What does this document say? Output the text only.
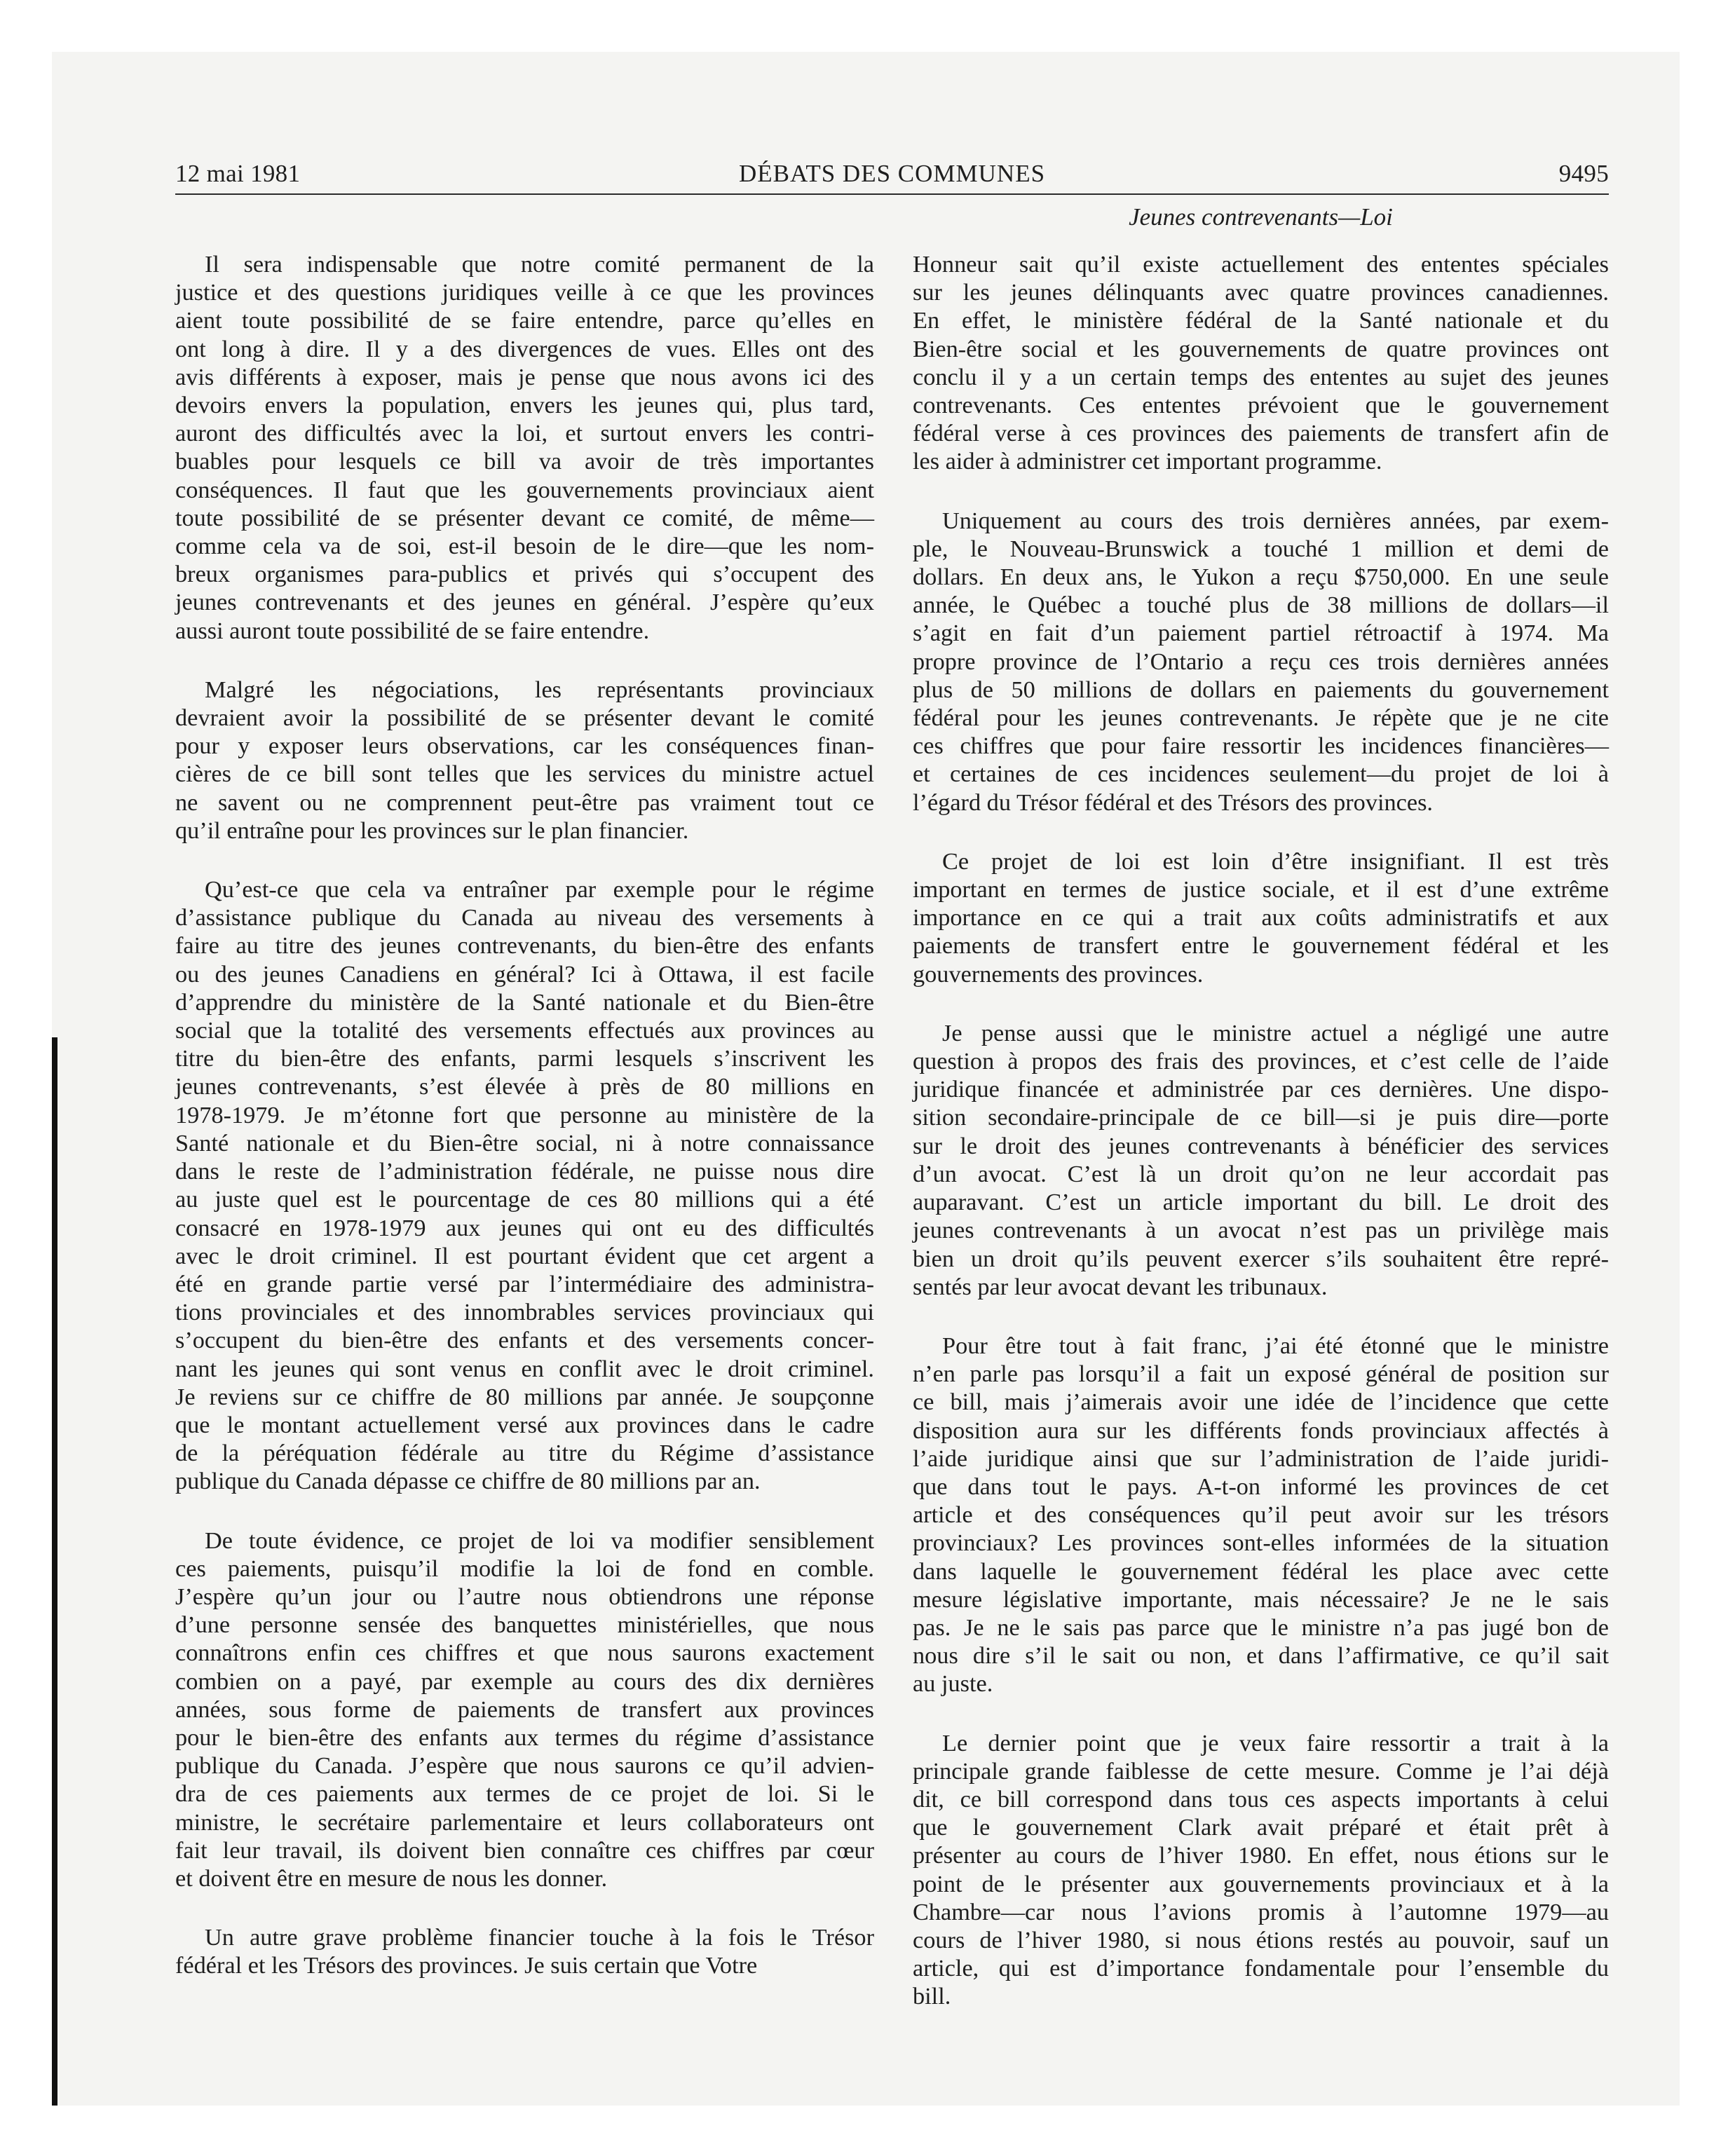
12 mai 1981	DÉBATS DES COMMUNES	9495
Jeunes contrevenants—Loi

Il sera indispensable que notre comité permanent de la
justice et des questions juridiques veille à ce que les provinces
aient toute possibilité de se faire entendre, parce qu’elles en
ont long à dire. Il y a des divergences de vues. Elles ont des
avis différents à exposer, mais je pense que nous avons ici des
devoirs envers la population, envers les jeunes qui, plus tard,
auront des difficultés avec la loi, et surtout envers les contri-
buables pour lesquels ce bill va avoir de très importantes
conséquences. Il faut que les gouvernements provinciaux aient
toute possibilité de se présenter devant ce comité, de même—
comme cela va de soi, est-il besoin de le dire—que les nom-
breux organismes para-publics et privés qui s’occupent des
jeunes contrevenants et des jeunes en général. J’espère qu’eux
aussi auront toute possibilité de se faire entendre.

Malgré les négociations, les représentants provinciaux
devraient avoir la possibilité de se présenter devant le comité
pour y exposer leurs observations, car les conséquences finan-
cières de ce bill sont telles que les services du ministre actuel
ne savent ou ne comprennent peut-être pas vraiment tout ce
qu’il entraîne pour les provinces sur le plan financier.

Qu’est-ce que cela va entraîner par exemple pour le régime
d’assistance publique du Canada au niveau des versements à
faire au titre des jeunes contrevenants, du bien-être des enfants
ou des jeunes Canadiens en général? Ici à Ottawa, il est facile
d’apprendre du ministère de la Santé nationale et du Bien-être
social que la totalité des versements effectués aux provinces au
titre du bien-être des enfants, parmi lesquels s’inscrivent les
jeunes contrevenants, s’est élevée à près de 80 millions en
1978-1979. Je m’étonne fort que personne au ministère de la
Santé nationale et du Bien-être social, ni à notre connaissance
dans le reste de l’administration fédérale, ne puisse nous dire
au juste quel est le pourcentage de ces 80 millions qui a été
consacré en 1978-1979 aux jeunes qui ont eu des difficultés
avec le droit criminel. Il est pourtant évident que cet argent a
été en grande partie versé par l’intermédiaire des administra-
tions provinciales et des innombrables services provinciaux qui
s’occupent du bien-être des enfants et des versements concer-
nant les jeunes qui sont venus en conflit avec le droit criminel.
Je reviens sur ce chiffre de 80 millions par année. Je soupçonne
que le montant actuellement versé aux provinces dans le cadre
de la péréquation fédérale au titre du Régime d’assistance
publique du Canada dépasse ce chiffre de 80 millions par an.

De toute évidence, ce projet de loi va modifier sensiblement
ces paiements, puisqu’il modifie la loi de fond en comble.
J’espère qu’un jour ou l’autre nous obtiendrons une réponse
d’une personne sensée des banquettes ministérielles, que nous
connaîtrons enfin ces chiffres et que nous saurons exactement
combien on a payé, par exemple au cours des dix dernières
années, sous forme de paiements de transfert aux provinces
pour le bien-être des enfants aux termes du régime d’assistance
publique du Canada. J’espère que nous saurons ce qu’il advien-
dra de ces paiements aux termes de ce projet de loi. Si le
ministre, le secrétaire parlementaire et leurs collaborateurs ont
fait leur travail, ils doivent bien connaître ces chiffres par cœur
et doivent être en mesure de nous les donner.

Un autre grave problème financier touche à la fois le Trésor
fédéral et les Trésors des provinces. Je suis certain que Votre

Honneur sait qu’il existe actuellement des ententes spéciales
sur les jeunes délinquants avec quatre provinces canadiennes.
En effet, le ministère fédéral de la Santé nationale et du
Bien-être social et les gouvernements de quatre provinces ont
conclu il y a un certain temps des ententes au sujet des jeunes
contrevenants. Ces ententes prévoient que le gouvernement
fédéral verse à ces provinces des paiements de transfert afin de
les aider à administrer cet important programme.

Uniquement au cours des trois dernières années, par exem-
ple, le Nouveau-Brunswick a touché 1 million et demi de
dollars. En deux ans, le Yukon a reçu $750,000. En une seule
année, le Québec a touché plus de 38 millions de dollars—il
s’agit en fait d’un paiement partiel rétroactif à 1974. Ma
propre province de l’Ontario a reçu ces trois dernières années
plus de 50 millions de dollars en paiements du gouvernement
fédéral pour les jeunes contrevenants. Je répète que je ne cite
ces chiffres que pour faire ressortir les incidences financières—
et certaines de ces incidences seulement—du projet de loi à
l’égard du Trésor fédéral et des Trésors des provinces.

Ce projet de loi est loin d’être insignifiant. Il est très
important en termes de justice sociale, et il est d’une extrême
importance en ce qui a trait aux coûts administratifs et aux
paiements de transfert entre le gouvernement fédéral et les
gouvernements des provinces.

Je pense aussi que le ministre actuel a négligé une autre
question à propos des frais des provinces, et c’est celle de l’aide
juridique financée et administrée par ces dernières. Une dispo-
sition secondaire-principale de ce bill—si je puis dire—porte
sur le droit des jeunes contrevenants à bénéficier des services
d’un avocat. C’est là un droit qu’on ne leur accordait pas
auparavant. C’est un article important du bill. Le droit des
jeunes contrevenants à un avocat n’est pas un privilège mais
bien un droit qu’ils peuvent exercer s’ils souhaitent être repré-
sentés par leur avocat devant les tribunaux.

Pour être tout à fait franc, j’ai été étonné que le ministre
n’en parle pas lorsqu’il a fait un exposé général de position sur
ce bill, mais j’aimerais avoir une idée de l’incidence que cette
disposition aura sur les différents fonds provinciaux affectés à
l’aide juridique ainsi que sur l’administration de l’aide juridi-
que dans tout le pays. A-t-on informé les provinces de cet
article et des conséquences qu’il peut avoir sur les trésors
provinciaux? Les provinces sont-elles informées de la situation
dans laquelle le gouvernement fédéral les place avec cette
mesure législative importante, mais nécessaire? Je ne le sais
pas. Je ne le sais pas parce que le ministre n’a pas jugé bon de
nous dire s’il le sait ou non, et dans l’affirmative, ce qu’il sait
au juste.

Le dernier point que je veux faire ressortir a trait à la
principale grande faiblesse de cette mesure. Comme je l’ai déjà
dit, ce bill correspond dans tous ces aspects importants à celui
que le gouvernement Clark avait préparé et était prêt à
présenter au cours de l’hiver 1980. En effet, nous étions sur le
point de le présenter aux gouvernements provinciaux et à la
Chambre—car nous l’avions promis à l’automne 1979—au
cours de l’hiver 1980, si nous étions restés au pouvoir, sauf un
article, qui est d’importance fondamentale pour l’ensemble du
bill.
